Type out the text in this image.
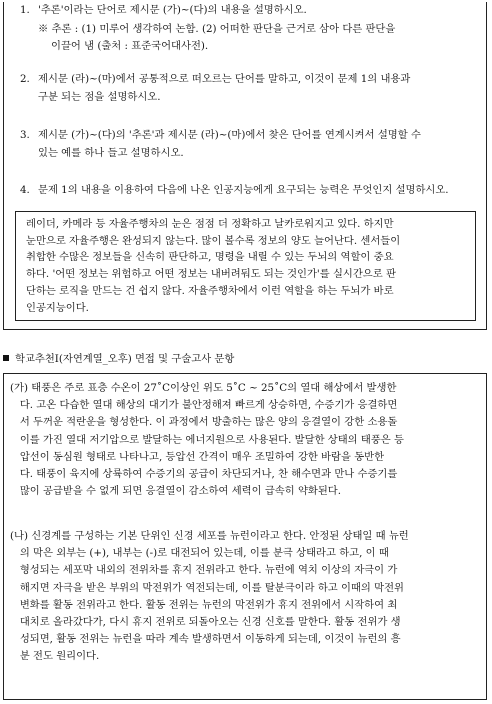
1. '추론'이라는 단어로 제시문 (가)~(다)의 내용을 설명하시오.
※ 추론 : (1) 미루어 생각하여 논함. (2) 어떠한 판단을 근거로 삼아 다른 판단을
이끌어 냄 (출처 : 표준국어대사전).
2. 제시문 (라)~(마)에서 공통적으로 떠오르는 단어를 말하고, 이것이 문제 1의 내용과
구분 되는 점을 설명하시오.
3. 제시문 (가)~(다)의 '추론'과 제시문 (라)~(마)에서 찾은 단어를 연계시켜서 설명할 수
있는 예를 하나 들고 설명하시오.
4. 문제 1의 내용을 이용하여 다음에 나온 인공지능에게 요구되는 능력은 무엇인지 설명하시오.
레이더, 카메라 등 자율주행차의 눈은 점점 더 정확하고 날카로워지고 있다. 하지만
눈만으로 자율주행은 완성되지 않는다. 많이 볼수록 정보의 양도 늘어난다. 센서들이
취합한 수많은 정보들을 신속히 판단하고, 명령을 내릴 수 있는 두뇌의 역할이 중요
하다. '어떤 정보는 위험하고 어떤 정보는 내버려둬도 되는 것인가'를 실시간으로 판
단하는 로직을 만드는 건 쉽지 않다. 자율주행차에서 이런 역할을 하는 두뇌가 바로
인공지능이다.
학교추천Ⅰ(자연계열_오후) 면접 및 구술고사 문항
(가) 태풍은 주로 표층 수온이 27˚C이상인 위도 5˚C ~ 25˚C의 열대 해상에서 발생한
다. 고온 다습한 열대 해상의 대기가 불안정해져 빠르게 상승하면, 수증기가 응결하면
서 두꺼운 적란운을 형성한다. 이 과정에서 방출하는 많은 양의 응결열이 강한 소용돌
이를 가진 열대 저기압으로 발달하는 에너지원으로 사용된다. 발달한 상태의 태풍은 등
압선이 동심원 형태로 나타나고, 등압선 간격이 매우 조밀하여 강한 바람을 동반한
다. 태풍이 육지에 상륙하여 수증기의 공급이 차단되거나, 찬 해수면과 만나 수증기를
많이 공급받을 수 없게 되면 응결열이 감소하여 세력이 급속히 약화된다.
(나) 신경계를 구성하는 기본 단위인 신경 세포를 뉴런이라고 한다. 안정된 상태일 때 뉴런
의 막은 외부는 (+), 내부는 (-)로 대전되어 있는데, 이를 분극 상태라고 하고, 이 때
형성되는 세포막 내외의 전위차를 휴지 전위라고 한다. 뉴런에 역치 이상의 자극이 가
해지면 자극을 받은 부위의 막전위가 역전되는데, 이를 탈분극이라 하고 이때의 막전위
변화를 활동 전위라고 한다. 활동 전위는 뉴런의 막전위가 휴지 전위에서 시작하여 최
대치로 올라갔다가, 다시 휴지 전위로 되돌아오는 신경 신호를 말한다. 활동 전위가 생
성되면, 활동 전위는 뉴런을 따라 계속 발생하면서 이동하게 되는데, 이것이 뉴런의 흥
분 전도 원리이다.
